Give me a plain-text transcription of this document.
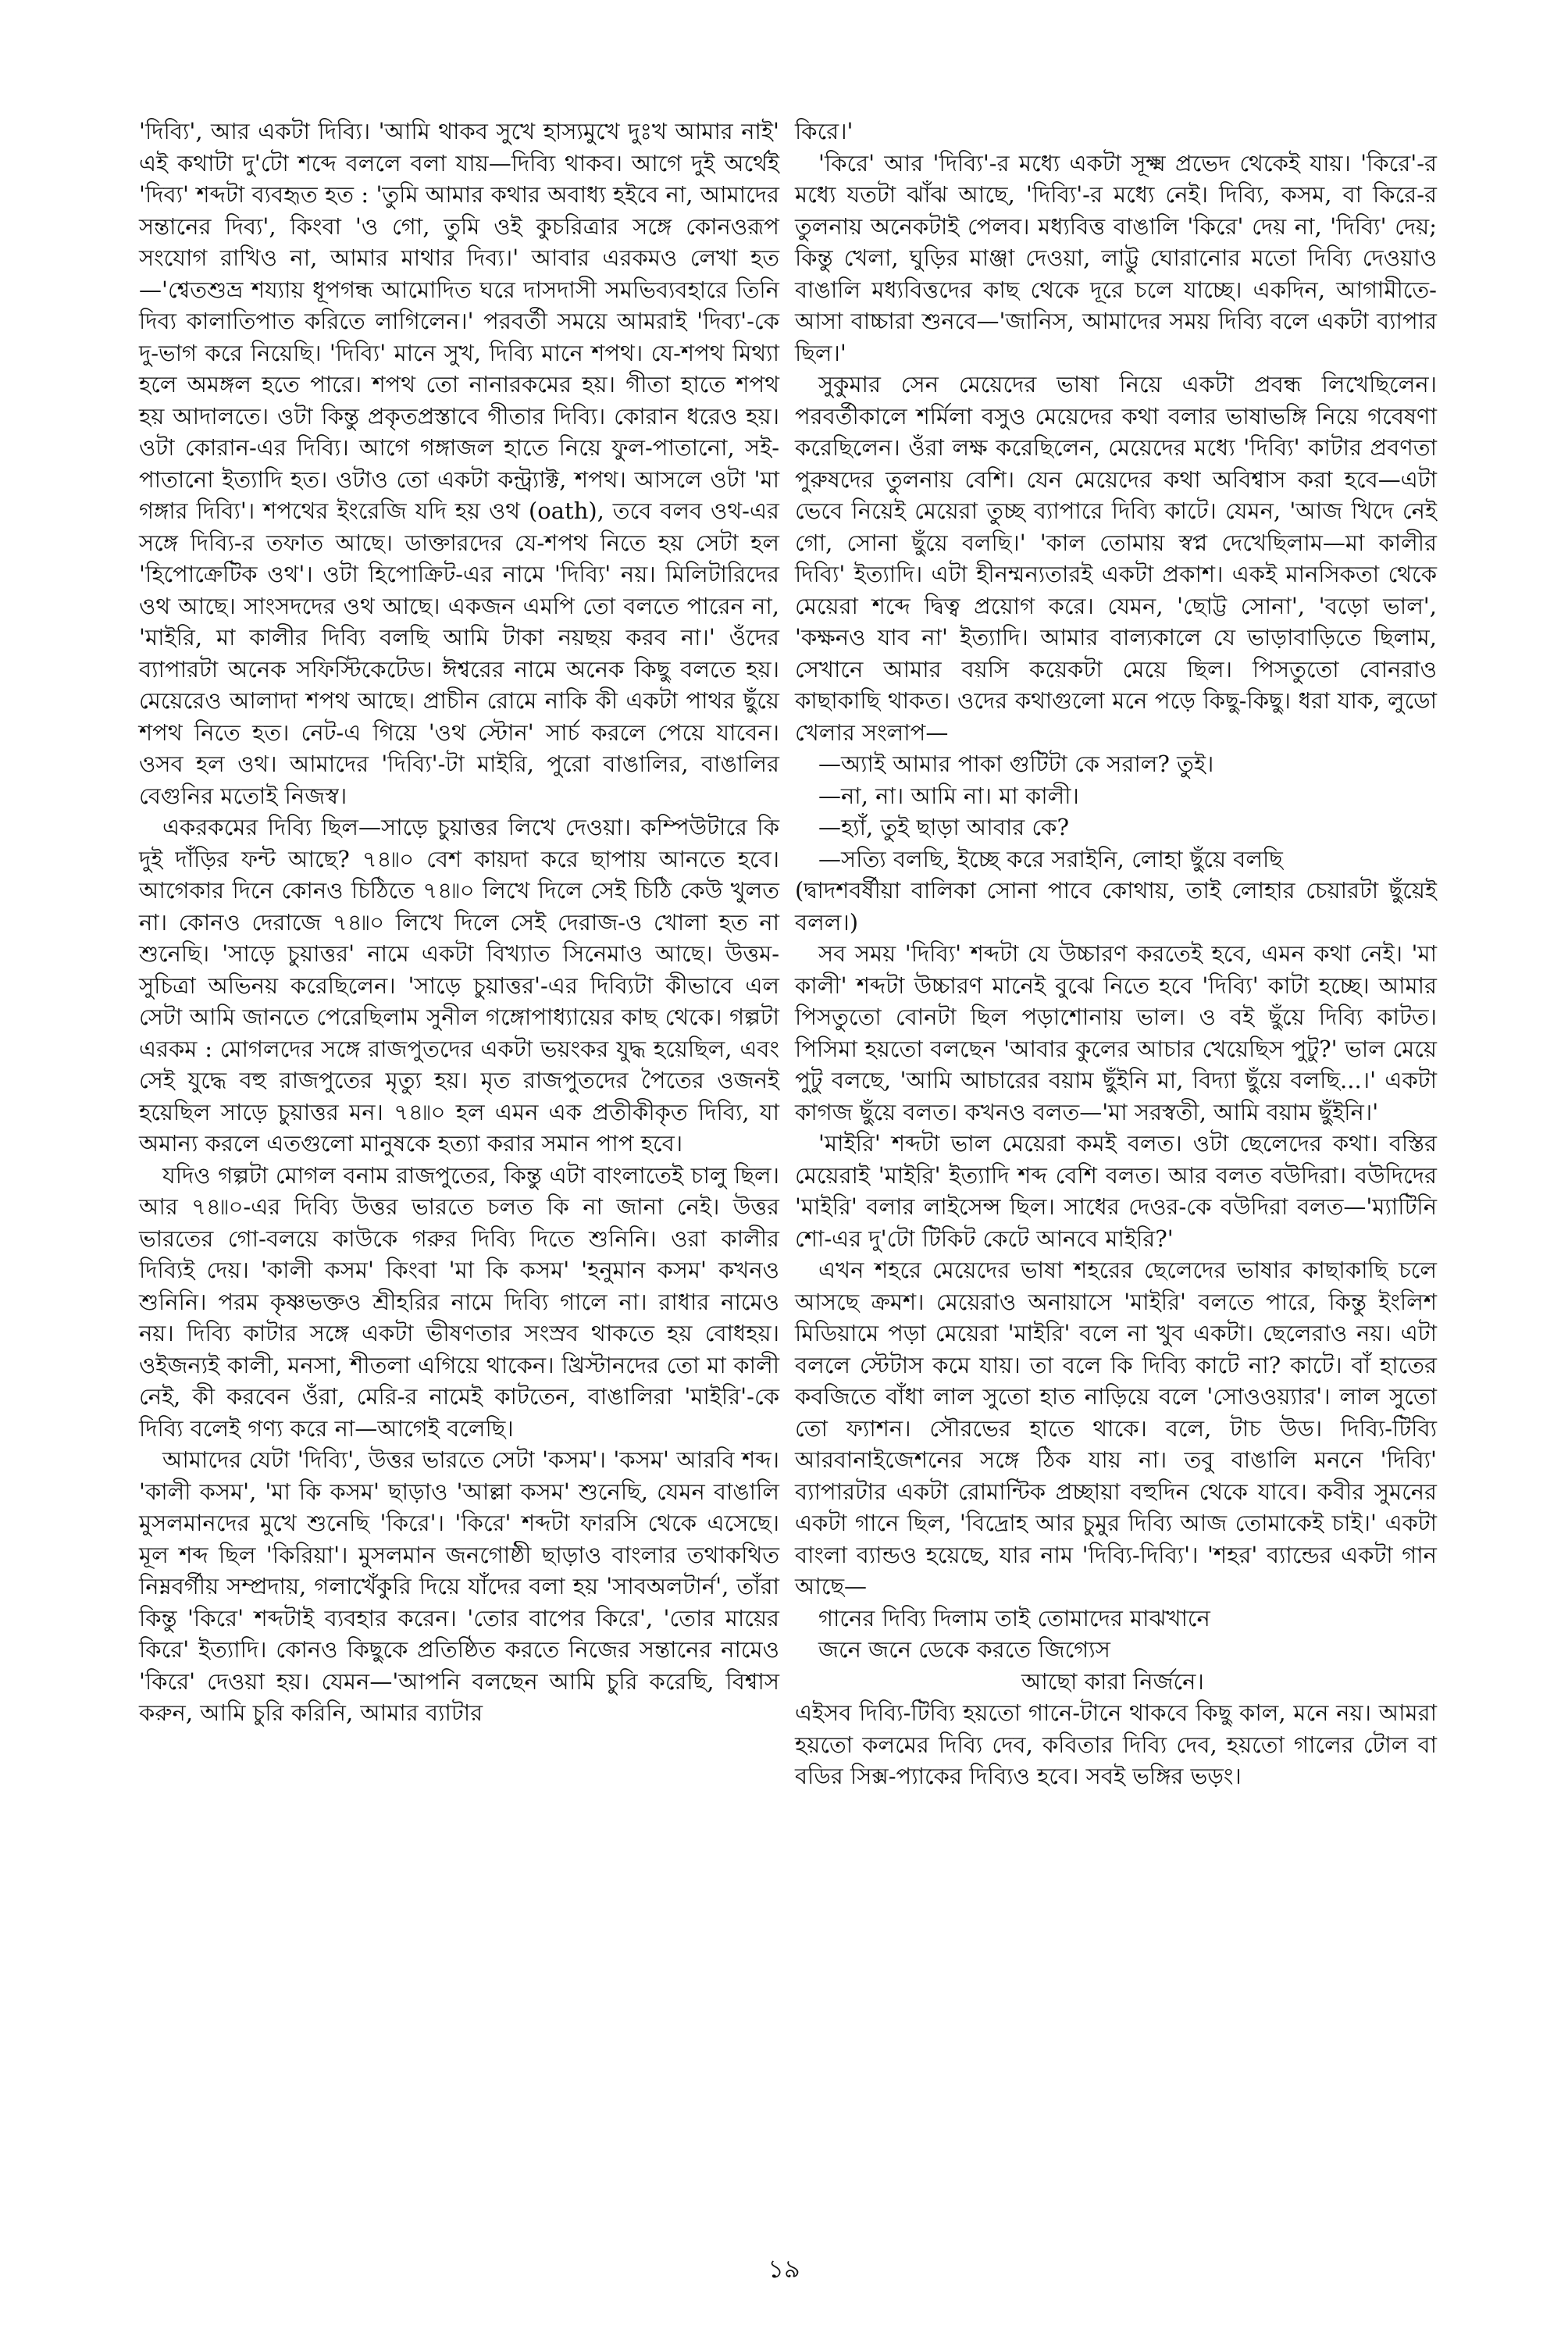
'দিব্যি', আর একটা দিব্যি। 'আমি থাকব সুখে হাস্যমুখে দুঃখ আমার নাই' এই কথাটা দু'টো শব্দে বললে বলা যায়—দিব্যি থাকব। আগে দুই অর্থেই 'দিব্য' শব্দটা ব্যবহৃত হত : 'তুমি আমার কথার অবাধ্য হইবে না, আমাদের সন্তানের দিব্য', কিংবা 'ও গো, তুমি ওই কুচরিত্রার সঙ্গে কোনওরূপ সংযোগ রাখিও না, আমার মাথার দিব্য।' আবার এরকমও লেখা হত—'শ্বেতশুভ্র শয্যায় ধূপগন্ধ আমোদিত ঘরে দাসদাসী সমভিব্যবহারে তিনি দিব্য কালাতিপাত করিতে লাগিলেন।' পরবর্তী সময়ে আমরাই 'দিব্য'-কে দু-ভাগ করে নিয়েছি। 'দিব্যি' মানে সুখ, দিব্যি মানে শপথ। যে-শপথ মিথ্যা হলে অমঙ্গল হতে পারে। শপথ তো নানারকমের হয়। গীতা হাতে শপথ হয় আদালতে। ওটা কিন্তু প্রকৃতপ্রস্তাবে গীতার দিব্যি। কোরান ধরেও হয়। ওটা কোরান-এর দিব্যি। আগে গঙ্গাজল হাতে নিয়ে ফুল-পাতানো, সই-পাতানো ইত্যাদি হত। ওটাও তো একটা কন্ট্র্যাক্ট, শপথ। আসলে ওটা 'মা গঙ্গার দিব্যি'। শপথের ইংরেজি যদি হয় ওথ (oath), তবে বলব ওথ-এর সঙ্গে দিব্যি-র তফাত আছে। ডাক্তারদের যে-শপথ নিতে হয় সেটা হল 'হিপোক্রেটিক ওথ'। ওটা হিপোক্রিট-এর নামে 'দিব্যি' নয়। মিলিটারিদের ওথ আছে। সাংসদদের ওথ আছে। একজন এমপি তো বলতে পারেন না, 'মাইরি, মা কালীর দিব্যি বলছি আমি টাকা নয়ছয় করব না।' ওঁদের ব্যাপারটা অনেক সফিস্টিকেটেড। ঈশ্বরের নামে অনেক কিছু বলতে হয়। মেয়েরেও আলাদা শপথ আছে। প্রাচীন রোমে নাকি কী একটা পাথর ছুঁয়ে শপথ নিতে হত। নেট-এ গিয়ে 'ওথ স্টোন' সার্চ করলে পেয়ে যাবেন। ওসব হল ওথ। আমাদের 'দিব্যি'-টা মাইরি, পুরো বাঙালির, বাঙালির বেগুনির মতোই নিজস্ব।

একরকমের দিব্যি ছিল—সাড়ে চুয়াত্তর লিখে দেওয়া। কম্পিউটারে কি দুই দাঁড়ির ফন্ট আছে? ৭৪৷৷০ বেশ কায়দা করে ছাপায় আনতে হবে। আগেকার দিনে কোনও চিঠিতে ৭৪৷৷০ লিখে দিলে সেই চিঠি কেউ খুলত না। কোনও দেরাজে ৭৪৷৷০ লিখে দিলে সেই দেরাজ-ও খোলা হত না শুনেছি। 'সাড়ে চুয়াত্তর' নামে একটা বিখ্যাত সিনেমাও আছে। উত্তম-সুচিত্রা অভিনয় করেছিলেন। 'সাড়ে চুয়াত্তর'-এর দিব্যিটা কীভাবে এল সেটা আমি জানতে পেরেছিলাম সুনীল গঙ্গোপাধ্যায়ের কাছ থেকে। গল্পটা এরকম : মোগলদের সঙ্গে রাজপুতদের একটা ভয়ংকর যুদ্ধ হয়েছিল, এবং সেই যুদ্ধে বহু রাজপুতের মৃত্যু হয়। মৃত রাজপুতদের পৈতের ওজনই হয়েছিল সাড়ে চুয়াত্তর মন। ৭৪৷৷০ হল এমন এক প্রতীকীকৃত দিব্যি, যা অমান্য করলে এতগুলো মানুষকে হত্যা করার সমান পাপ হবে।

যদিও গল্পটা মোগল বনাম রাজপুতের, কিন্তু এটা বাংলাতেই চালু ছিল। আর ৭৪৷৷০-এর দিব্যি উত্তর ভারতে চলত কি না জানা নেই। উত্তর ভারতের গো-বলয়ে কাউকে গরুর দিব্যি দিতে শুনিনি। ওরা কালীর দিব্যিই দেয়। 'কালী কসম' কিংবা 'মা কি কসম' 'হনুমান কসম' কখনও শুনিনি। পরম কৃষ্ণভক্তও শ্রীহরির নামে দিব্যি গালে না। রাধার নামেও নয়। দিব্যি কাটার সঙ্গে একটা ভীষণতার সংস্রব থাকতে হয় বোধহয়। ওইজন্যই কালী, মনসা, শীতলা এগিয়ে থাকেন। খ্রিস্টানদের তো মা কালী নেই, কী করবেন ওঁরা, মেরি-র নামেই কাটতেন, বাঙালিরা 'মাইরি'-কে দিব্যি বলেই গণ্য করে না—আগেই বলেছি।

আমাদের যেটা 'দিব্যি', উত্তর ভারতে সেটা 'কসম'। 'কসম' আরবি শব্দ। 'কালী কসম', 'মা কি কসম' ছাড়াও 'আল্লা কসম' শুনেছি, যেমন বাঙালি মুসলমানদের মুখে শুনেছি 'কিরে'। 'কিরে' শব্দটা ফারসি থেকে এসেছে। মূল শব্দ ছিল 'কিরিয়া'। মুসলমান জনগোষ্ঠী ছাড়াও বাংলার তথাকথিত নিম্নবর্গীয় সম্প্রদায়, গলাখেঁকুরি দিয়ে যাঁদের বলা হয় 'সাবঅলটার্ন', তাঁরা কিন্তু 'কিরে' শব্দটাই ব্যবহার করেন। 'তোর বাপের কিরে', 'তোর মায়ের কিরে' ইত্যাদি। কোনও কিছুকে প্রতিষ্ঠিত করতে নিজের সন্তানের নামেও 'কিরে' দেওয়া হয়। যেমন—'আপনি বলছেন আমি চুরি করেছি, বিশ্বাস করুন, আমি চুরি করিনি, আমার ব্যাটার

কিরে।'

'কিরে' আর 'দিব্যি'-র মধ্যে একটা সূক্ষ্ম প্রভেদ থেকেই যায়। 'কিরে'-র মধ্যে যতটা ঝাঁঝ আছে, 'দিব্যি'-র মধ্যে নেই। দিব্যি, কসম, বা কিরে-র তুলনায় অনেকটাই পেলব। মধ্যবিত্ত বাঙালি 'কিরে' দেয় না, 'দিব্যি' দেয়; কিন্তু খেলা, ঘুড়ির মাঞ্জা দেওয়া, লাট্টু ঘোরানোর মতো দিব্যি দেওয়াও বাঙালি মধ্যবিত্তদের কাছ থেকে দূরে চলে যাচ্ছে। একদিন, আগামীতে-আসা বাচ্চারা শুনবে—'জানিস, আমাদের সময় দিব্যি বলে একটা ব্যাপার ছিল।'

সুকুমার সেন মেয়েদের ভাষা নিয়ে একটা প্রবন্ধ লিখেছিলেন। পরবর্তীকালে শর্মিলা বসুও মেয়েদের কথা বলার ভাষাভঙ্গি নিয়ে গবেষণা করেছিলেন। ওঁরা লক্ষ করেছিলেন, মেয়েদের মধ্যে 'দিব্যি' কাটার প্রবণতা পুরুষদের তুলনায় বেশি। যেন মেয়েদের কথা অবিশ্বাস করা হবে—এটা ভেবে নিয়েই মেয়েরা তুচ্ছ ব্যাপারে দিব্যি কাটে। যেমন, 'আজ খিদে নেই গো, সোনা ছুঁয়ে বলছি।' 'কাল তোমায় স্বপ্ন দেখেছিলাম—মা কালীর দিব্যি' ইত্যাদি। এটা হীনম্মন্যতারই একটা প্রকাশ। একই মানসিকতা থেকে মেয়েরা শব্দে দ্বিত্ব প্রয়োগ করে। যেমন, 'ছোট্ট সোনা', 'বড়ো ভাল', 'কক্ষনও যাব না' ইত্যাদি। আমার বাল্যকালে যে ভাড়াবাড়িতে ছিলাম, সেখানে আমার বয়সি কয়েকটা মেয়ে ছিল। পিসতুতো বোনরাও কাছাকাছি থাকত। ওদের কথাগুলো মনে পড়ে কিছু-কিছু। ধরা যাক, লুডো খেলার সংলাপ—

—অ্যাই আমার পাকা গুটিটা কে সরাল? তুই।

—না, না। আমি না। মা কালী।

—হ্যাঁ, তুই ছাড়া আবার কে?

—সত্যি বলছি, ইচ্ছে করে সরাইনি, লোহা ছুঁয়ে বলছি

(দ্বাদশবর্ষীয়া বালিকা সোনা পাবে কোথায়, তাই লোহার চেয়ারটা ছুঁয়েই বলল।)

সব সময় 'দিব্যি' শব্দটা যে উচ্চারণ করতেই হবে, এমন কথা নেই। 'মা কালী' শব্দটা উচ্চারণ মানেই বুঝে নিতে হবে 'দিব্যি' কাটা হচ্ছে। আমার পিসতুতো বোনটা ছিল পড়াশোনায় ভাল। ও বই ছুঁয়ে দিব্যি কাটত। পিসিমা হয়তো বলছেন 'আবার কুলের আচার খেয়েছিস পুটু?' ভাল মেয়ে পুটু বলছে, 'আমি আচারের বয়াম ছুঁইনি মা, বিদ্যা ছুঁয়ে বলছি...।' একটা কাগজ ছুঁয়ে বলত। কখনও বলত—'মা সরস্বতী, আমি বয়াম ছুঁইনি।'

'মাইরি' শব্দটা ভাল মেয়েরা কমই বলত। ওটা ছেলেদের কথা। বস্তির মেয়েরাই 'মাইরি' ইত্যাদি শব্দ বেশি বলত। আর বলত বউদিরা। বউদিদের 'মাইরি' বলার লাইসেন্স ছিল। সাধের দেওর-কে বউদিরা বলত—'ম্যাটিনি শো-এর দু'টো টিকিট কেটে আনবে মাইরি?'

এখন শহরে মেয়েদের ভাষা শহরের ছেলেদের ভাষার কাছাকাছি চলে আসছে ক্রমশ। মেয়েরাও অনায়াসে 'মাইরি' বলতে পারে, কিন্তু ইংলিশ মিডিয়ামে পড়া মেয়েরা 'মাইরি' বলে না খুব একটা। ছেলেরাও নয়। এটা বললে স্টেটাস কমে যায়। তা বলে কি দিব্যি কাটে না? কাটে। বাঁ হাতের কবজিতে বাঁধা লাল সুতো হাত নাড়িয়ে বলে 'সোওওয়্যার'। লাল সুতো তো ফ্যাশন। সৌরভের হাতে থাকে। বলে, টাচ উড। দিব্যি-টিব্যি আরবানাইজেশনের সঙ্গে ঠিক যায় না। তবু বাঙালি মননে 'দিব্যি' ব্যাপারটার একটা রোমান্টিক প্রচ্ছায়া বহুদিন থেকে যাবে। কবীর সুমনের একটা গানে ছিল, 'বিদ্রোহ আর চুমুর দিব্যি আজ তোমাকেই চাই।' একটা বাংলা ব্যান্ডও হয়েছে, যার নাম 'দিব্যি-দিব্যি'। 'শহর' ব্যান্ডের একটা গান আছে—

গানের দিব্যি দিলাম তাই তোমাদের মাঝখানে

জনে জনে ডেকে করতে জিগ্যেস

আছো কারা নির্জনে।

এইসব দিব্যি-টিব্যি হয়তো গানে-টানে থাকবে কিছু কাল, মনে নয়। আমরা হয়তো কলমের দিব্যি দেব, কবিতার দিব্যি দেব, হয়তো গালের টোল বা বডির সিক্স-প্যাকের দিব্যিও হবে। সবই ভঙ্গির ভড়ং।

১৯
